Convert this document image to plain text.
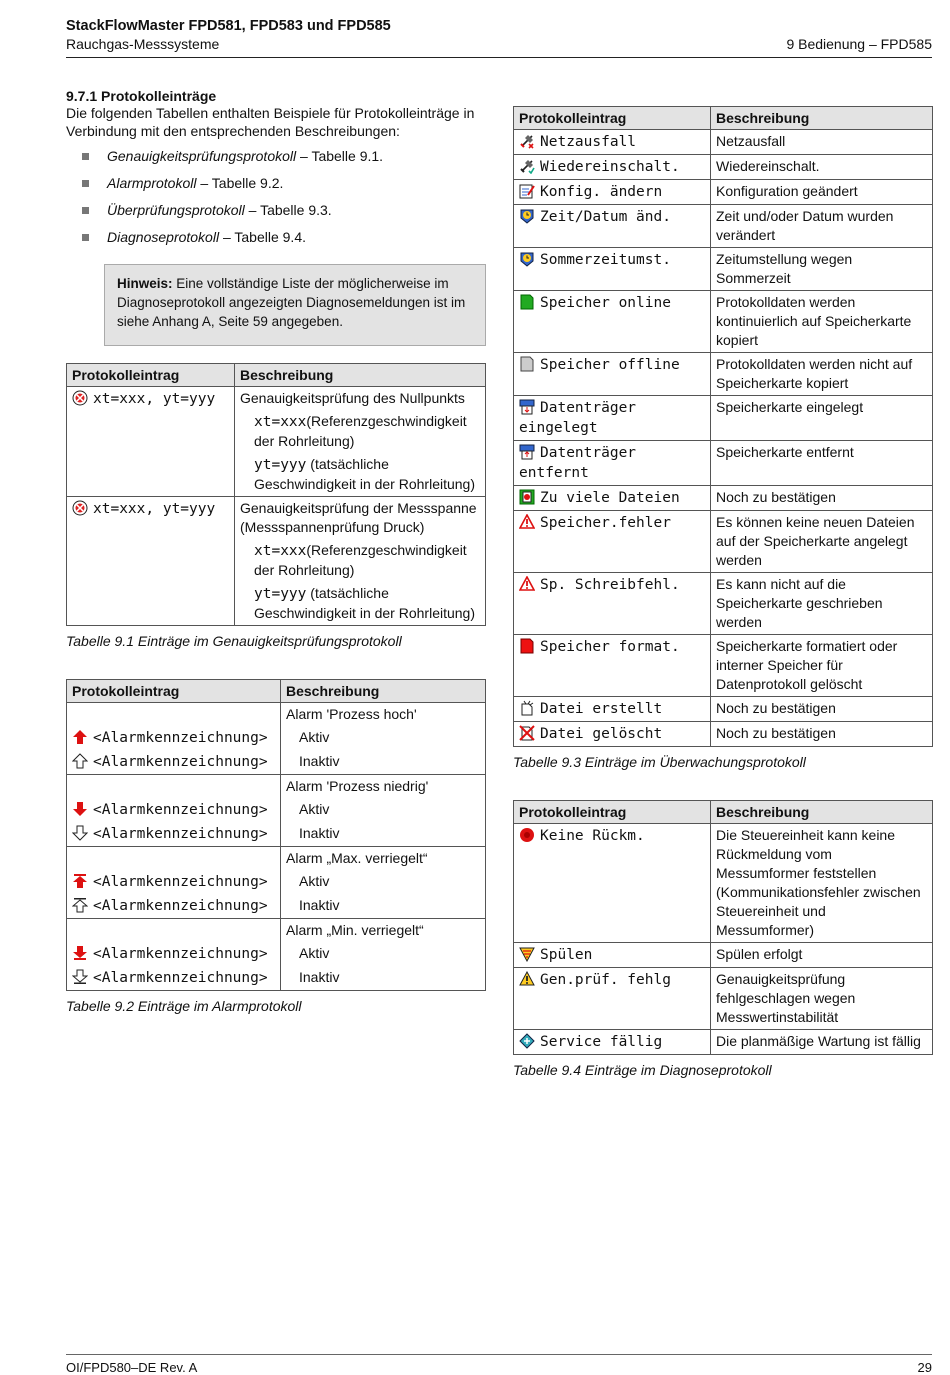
StackFlowMaster FPD581, FPD583 und FPD585
Rauchgas-Messsysteme	9 Bedienung – FPD585
9.7.1 Protokolleinträge

Die folgenden Tabellen enthalten Beispiele für Protokolleinträge in Verbindung mit den entsprechenden Beschreibungen:

Genauigkeitsprüfungsprotokoll – Tabelle 9.1.
Alarmprotokoll – Tabelle 9.2.
Überprüfungsprotokoll – Tabelle 9.3.
Diagnoseprotokoll – Tabelle 9.4.
Hinweis: Eine vollständige Liste der möglicherweise im Diagnoseprotokoll angezeigten Diagnosemeldungen ist im siehe Anhang A, Seite 59 angegeben.
Protokolleintrag	Beschreibung
xt=xxx, yt=yyy	Genauigkeitsprüfung des Nullpunkts
xt=xxx(Referenzgeschwindigkeit der Rohrleitung)
yt=yyy (tatsächliche Geschwindigkeit in der Rohrleitung)

xt=xxx, yt=yyy	Genauigkeitsprüfung der Messspanne (Messspannenprüfung Druck)
xt=xxx(Referenzgeschwindigkeit der Rohrleitung)
yt=yyy (tatsächliche Geschwindigkeit in der Rohrleitung)
Tabelle 9.1 Einträge im Genauigkeitsprüfungsprotokoll
Protokolleintrag	Beschreibung
	Alarm 'Prozess hoch'
<Alarmkennzeichnung>	Aktiv
<Alarmkennzeichnung>	Inaktiv
	Alarm 'Prozess niedrig'
<Alarmkennzeichnung>	Aktiv
<Alarmkennzeichnung>	Inaktiv
	Alarm „Max. verriegelt“
<Alarmkennzeichnung>	Aktiv
<Alarmkennzeichnung>	Inaktiv
	Alarm „Min. verriegelt“
<Alarmkennzeichnung>	Aktiv
<Alarmkennzeichnung>	Inaktiv
Tabelle 9.2 Einträge im Alarmprotokoll
Protokolleintrag	Beschreibung
Netzausfall	Netzausfall
Wiedereinschalt.	Wiedereinschalt.
Konfig. ändern	Konfiguration geändert
Zeit/Datum änd.	Zeit und/oder Datum wurden verändert
Sommerzeitumst.	Zeitumstellung wegen Sommerzeit
Speicher online	Protokolldaten werden kontinuierlich auf Speicherkarte kopiert
Speicher offline	Protokolldaten werden nicht auf Speicherkarte kopiert
Datenträger eingelegt	Speicherkarte eingelegt
Datenträger entfernt	Speicherkarte entfernt
Zu viele Dateien	Noch zu bestätigen
Speicher.fehler	Es können keine neuen Dateien auf der Speicherkarte angelegt werden
Sp. Schreibfehl.	Es kann nicht auf die Speicherkarte geschrieben werden
Speicher format.	Speicherkarte formatiert oder interner Speicher für Datenprotokoll gelöscht
Datei erstellt	Noch zu bestätigen
Datei gelöscht	Noch zu bestätigen
Tabelle 9.3 Einträge im Überwachungsprotokoll
Protokolleintrag	Beschreibung
Keine Rückm.	Die Steuereinheit kann keine Rückmeldung vom Messumformer feststellen (Kommunikationsfehler zwischen Steuereinheit und Messumformer)
Spülen	Spülen erfolgt
Gen.prüf. fehlg	Genauigkeitsprüfung fehlgeschlagen wegen Messwertinstabilität
Service fällig	Die planmäßige Wartung ist fällig
Tabelle 9.4 Einträge im Diagnoseprotokoll
OI/FPD580–DE Rev. A	29
